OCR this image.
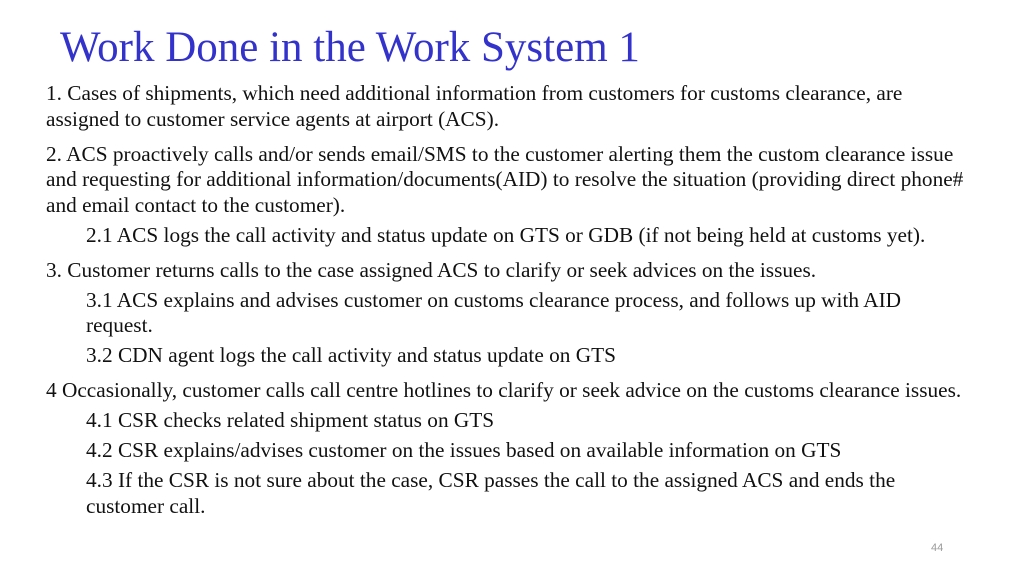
Work Done in the Work System 1

1. Cases of shipments, which need additional information from customers for customs clearance, are assigned to customer service agents at airport (ACS).

2. ACS proactively calls and/or sends email/SMS to the customer alerting them the custom clearance issue and requesting for additional information/documents(AID) to resolve the situation (providing direct phone# and email contact to the customer).

2.1 ACS logs the call activity and status update on GTS or GDB (if not being held at customs yet).

3. Customer returns calls to the case assigned ACS to clarify or seek advices on the issues.

3.1 ACS explains and advises customer on customs clearance process, and follows up with AID request.

3.2 CDN agent logs the call activity and status update on GTS

4 Occasionally, customer calls call centre hotlines to clarify or seek advice on the customs clearance issues.

4.1 CSR checks related shipment status on GTS

4.2 CSR explains/advises customer on the issues based on available information on GTS

4.3 If the CSR is not sure about the case, CSR passes the call to the assigned ACS and ends the customer call.

44
